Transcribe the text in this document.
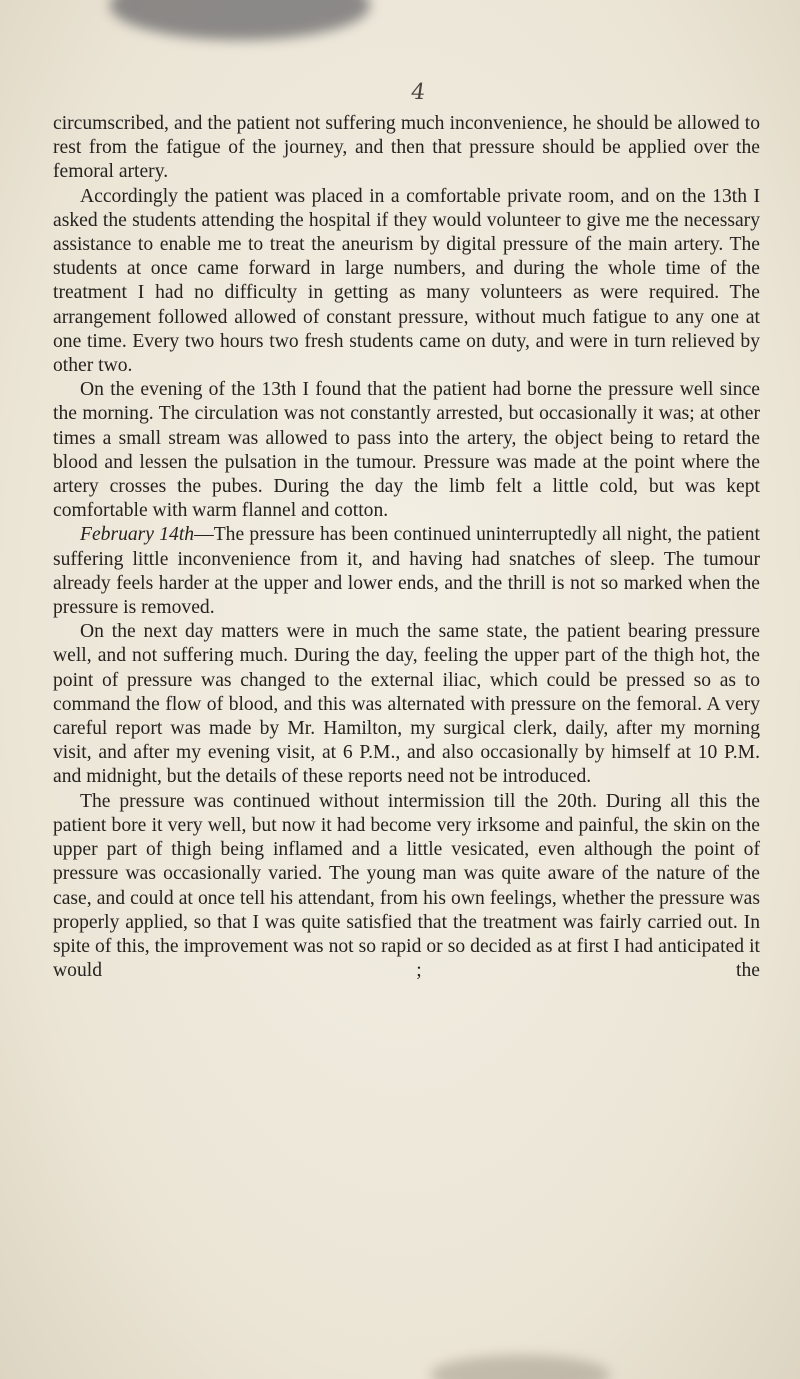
4

circumscribed, and the patient not suffering much inconvenience, he should be allowed to rest from the fatigue of the journey, and then that pressure should be applied over the femoral artery.

Accordingly the patient was placed in a comfortable private room, and on the 13th I asked the students attending the hospital if they would volunteer to give me the necessary assistance to enable me to treat the aneurism by digital pressure of the main artery. The students at once came forward in large numbers, and during the whole time of the treatment I had no difficulty in getting as many volunteers as were required. The arrangement followed allowed of constant pressure, without much fatigue to any one at one time. Every two hours two fresh students came on duty, and were in turn relieved by other two.

On the evening of the 13th I found that the patient had borne the pressure well since the morning. The circulation was not constantly arrested, but occasionally it was; at other times a small stream was allowed to pass into the artery, the object being to retard the blood and lessen the pulsation in the tumour. Pressure was made at the point where the artery crosses the pubes. During the day the limb felt a little cold, but was kept comfortable with warm flannel and cotton.

February 14th—The pressure has been continued uninterruptedly all night, the patient suffering little inconvenience from it, and having had snatches of sleep. The tumour already feels harder at the upper and lower ends, and the thrill is not so marked when the pressure is removed.

On the next day matters were in much the same state, the patient bearing pressure well, and not suffering much. During the day, feeling the upper part of the thigh hot, the point of pressure was changed to the external iliac, which could be pressed so as to command the flow of blood, and this was alternated with pressure on the femoral. A very careful report was made by Mr. Hamilton, my surgical clerk, daily, after my morning visit, and after my evening visit, at 6 P.M., and also occasionally by himself at 10 P.M. and midnight, but the details of these reports need not be introduced.

The pressure was continued without intermission till the 20th. During all this the patient bore it very well, but now it had become very irksome and painful, the skin on the upper part of thigh being inflamed and a little vesicated, even although the point of pressure was occasionally varied. The young man was quite aware of the nature of the case, and could at once tell his attendant, from his own feelings, whether the pressure was properly applied, so that I was quite satisfied that the treatment was fairly carried out. In spite of this, the improvement was not so rapid or so decided as at first I had anticipated it would ; the
